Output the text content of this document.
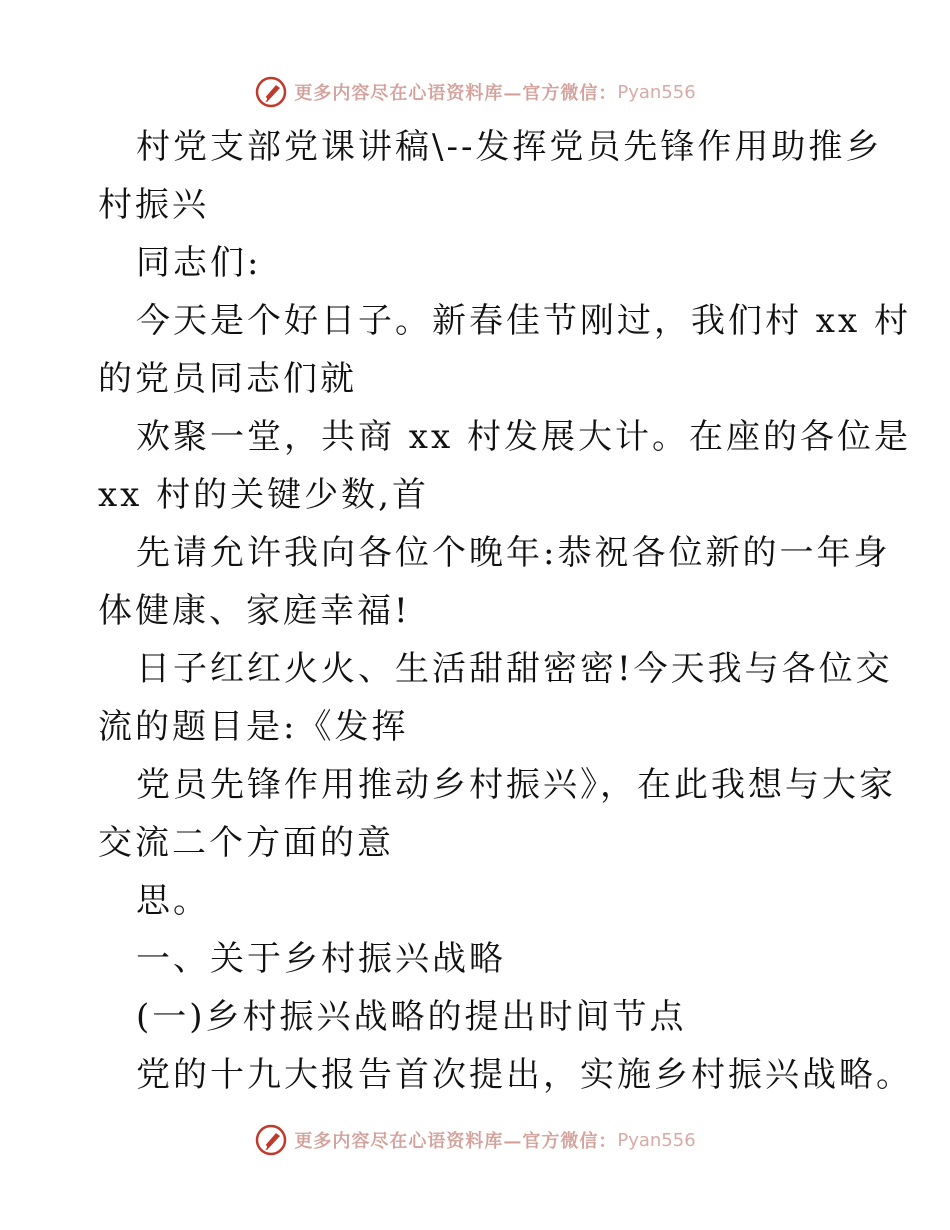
更多内容尽在心语资料库—官方微信： Pyan556
村党支部党课讲稿\--发挥党员先锋作用助推乡
村振兴
同志们:
今天是个好日子。新春佳节刚过，我们村 xx 村
的党员同志们就
欢聚一堂，共商 xx 村发展大计。在座的各位是
xx 村的关键少数,首
先请允许我向各位个晚年:恭祝各位新的一年身
体健康、家庭幸福!
日子红红火火、生活甜甜密密!今天我与各位交
流的题目是:《发挥
党员先锋作用推动乡村振兴》，在此我想与大家
交流二个方面的意
思。
一、关于乡村振兴战略
(一)乡村振兴战略的提出时间节点
党的十九大报告首次提出，实施乡村振兴战略。
更多内容尽在心语资料库—官方微信： Pyan556
